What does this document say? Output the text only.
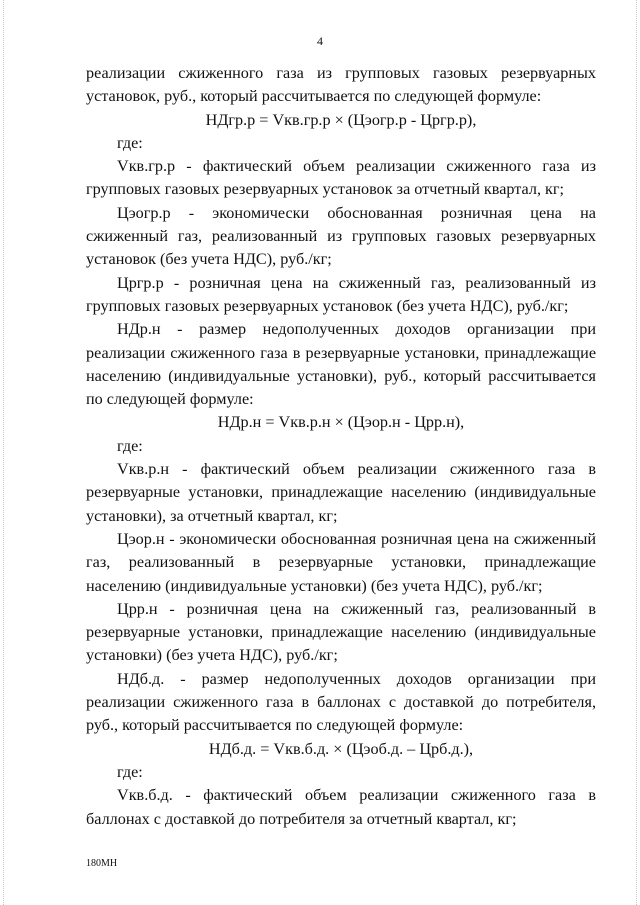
4

реализации сжиженного газа из групповых газовых резервуарных установок, руб., который рассчитывается по следующей формуле:

НДгр.р = Vкв.гр.р × (Цэогр.р - Цргр.р),

где:

Vкв.гр.р - фактический объем реализации сжиженного газа из групповых газовых резервуарных установок за отчетный квартал, кг;

Цэогр.р - экономически обоснованная розничная цена на сжиженный газ, реализованный из групповых газовых резервуарных установок (без учета НДС), руб./кг;

Цргр.р - розничная цена на сжиженный газ, реализованный из групповых газовых резервуарных установок (без учета НДС), руб./кг;

НДр.н - размер недополученных доходов организации при реализации сжиженного газа в резервуарные установки, принадлежащие населению (индивидуальные установки), руб., который рассчитывается по следующей формуле:

НДр.н = Vкв.р.н × (Цэор.н - Црр.н),

где:

Vкв.р.н - фактический объем реализации сжиженного газа в резервуарные установки, принадлежащие населению (индивидуальные установки), за отчетный квартал, кг;

Цэор.н - экономически обоснованная розничная цена на сжиженный газ, реализованный в резервуарные установки, принадлежащие населению (индивидуальные установки) (без учета НДС), руб./кг;

Црр.н - розничная цена на сжиженный газ, реализованный в резервуарные установки, принадлежащие населению (индивидуальные установки) (без учета НДС), руб./кг;

НДб.д. - размер недополученных доходов организации при реализации сжиженного газа в баллонах с доставкой до потребителя, руб., который рассчитывается по следующей формуле:

НДб.д. = Vкв.б.д. × (Цэоб.д. – Црб.д.),

где:

Vкв.б.д. - фактический объем реализации сжиженного газа в баллонах с доставкой до потребителя за отчетный квартал, кг;

180МН
